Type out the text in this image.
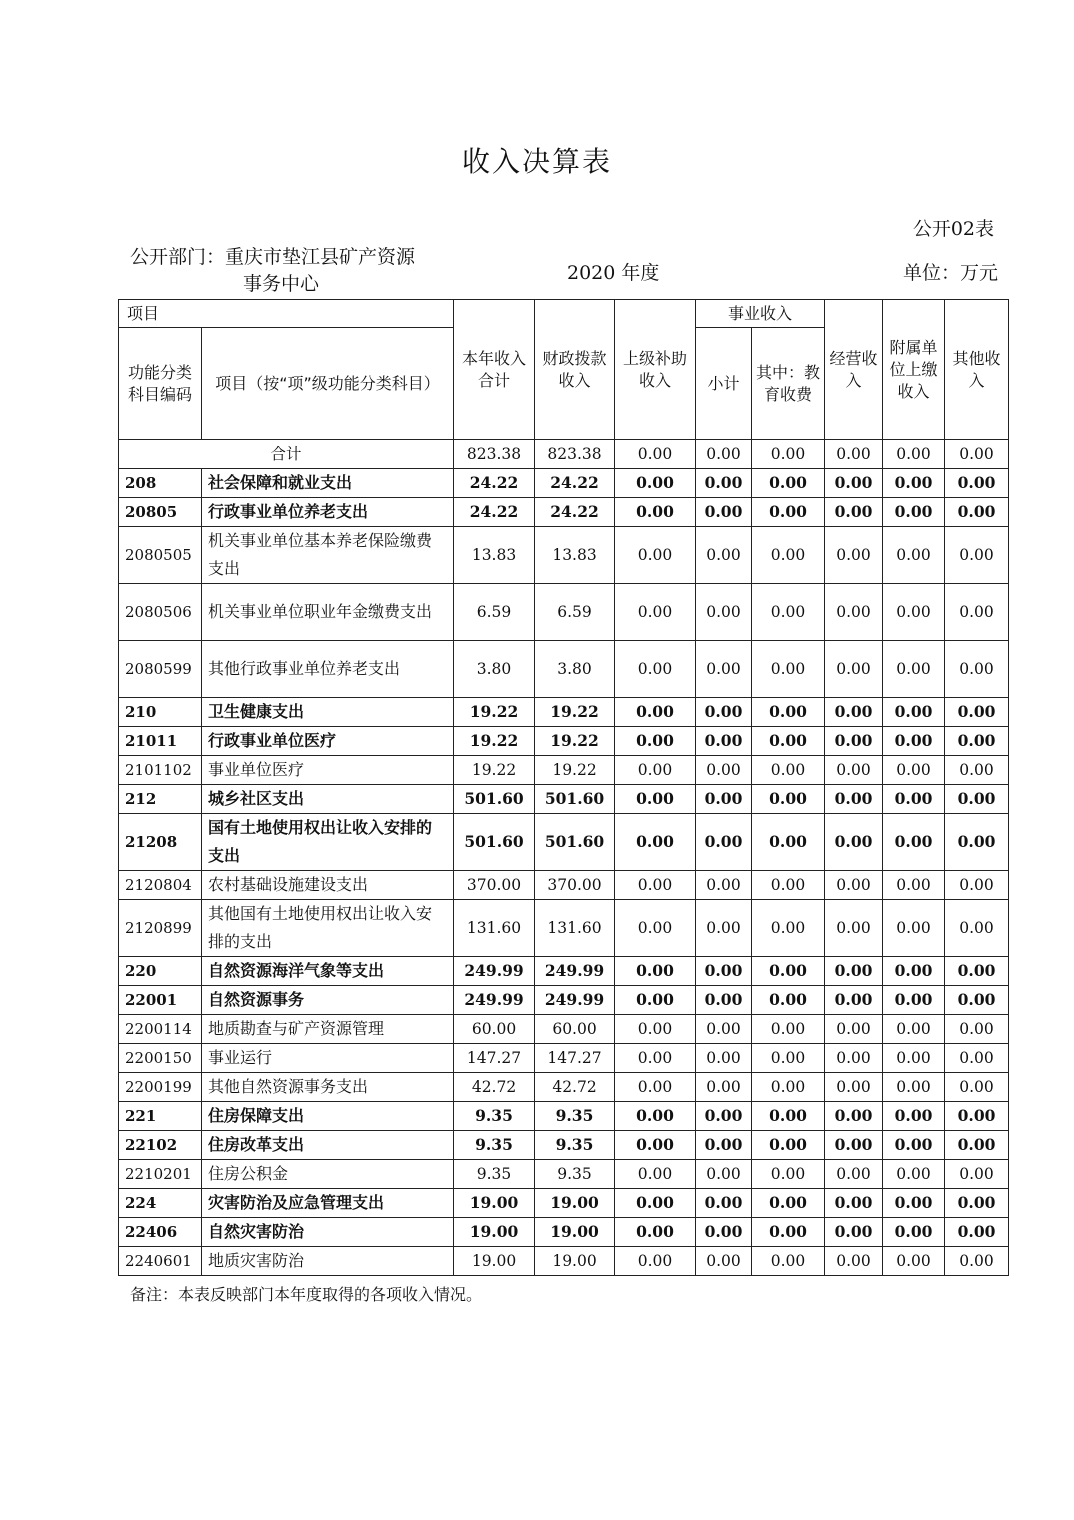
收入决算表
公开02表
公开部门：重庆市垫江县矿产资源
事务中心	2020 年度	单位：万元
项目		本年收入合计	财政拨款收入	上级补助收入	事业收入		经营收入	附属单位上缴收入	其他收入
功能分类科目编码	项目（按“项”级功能分类科目）				小计	其中：教育收费			

合计		823.38	823.38	0.00	0.00	0.00	0.00	0.00	0.00
208	社会保障和就业支出	24.22	24.22	0.00	0.00	0.00	0.00	0.00	0.00
20805	行政事业单位养老支出	24.22	24.22	0.00	0.00	0.00	0.00	0.00	0.00
2080505	机关事业单位基本养老保险缴费支出	13.83	13.83	0.00	0.00	0.00	0.00	0.00	0.00
2080506	机关事业单位职业年金缴费支出	6.59	6.59	0.00	0.00	0.00	0.00	0.00	0.00
2080599	其他行政事业单位养老支出	3.80	3.80	0.00	0.00	0.00	0.00	0.00	0.00
210	卫生健康支出	19.22	19.22	0.00	0.00	0.00	0.00	0.00	0.00
21011	行政事业单位医疗	19.22	19.22	0.00	0.00	0.00	0.00	0.00	0.00
2101102	事业单位医疗	19.22	19.22	0.00	0.00	0.00	0.00	0.00	0.00
212	城乡社区支出	501.60	501.60	0.00	0.00	0.00	0.00	0.00	0.00
21208	国有土地使用权出让收入安排的支出	501.60	501.60	0.00	0.00	0.00	0.00	0.00	0.00
2120804	农村基础设施建设支出	370.00	370.00	0.00	0.00	0.00	0.00	0.00	0.00
2120899	其他国有土地使用权出让收入安排的支出	131.60	131.60	0.00	0.00	0.00	0.00	0.00	0.00
220	自然资源海洋气象等支出	249.99	249.99	0.00	0.00	0.00	0.00	0.00	0.00
22001	自然资源事务	249.99	249.99	0.00	0.00	0.00	0.00	0.00	0.00
2200114	地质勘查与矿产资源管理	60.00	60.00	0.00	0.00	0.00	0.00	0.00	0.00
2200150	事业运行	147.27	147.27	0.00	0.00	0.00	0.00	0.00	0.00
2200199	其他自然资源事务支出	42.72	42.72	0.00	0.00	0.00	0.00	0.00	0.00
221	住房保障支出	9.35	9.35	0.00	0.00	0.00	0.00	0.00	0.00
22102	住房改革支出	9.35	9.35	0.00	0.00	0.00	0.00	0.00	0.00
2210201	住房公积金	9.35	9.35	0.00	0.00	0.00	0.00	0.00	0.00
224	灾害防治及应急管理支出	19.00	19.00	0.00	0.00	0.00	0.00	0.00	0.00
22406	自然灾害防治	19.00	19.00	0.00	0.00	0.00	0.00	0.00	0.00
2240601	地质灾害防治	19.00	19.00	0.00	0.00	0.00	0.00	0.00	0.00
备注：本表反映部门本年度取得的各项收入情况。
